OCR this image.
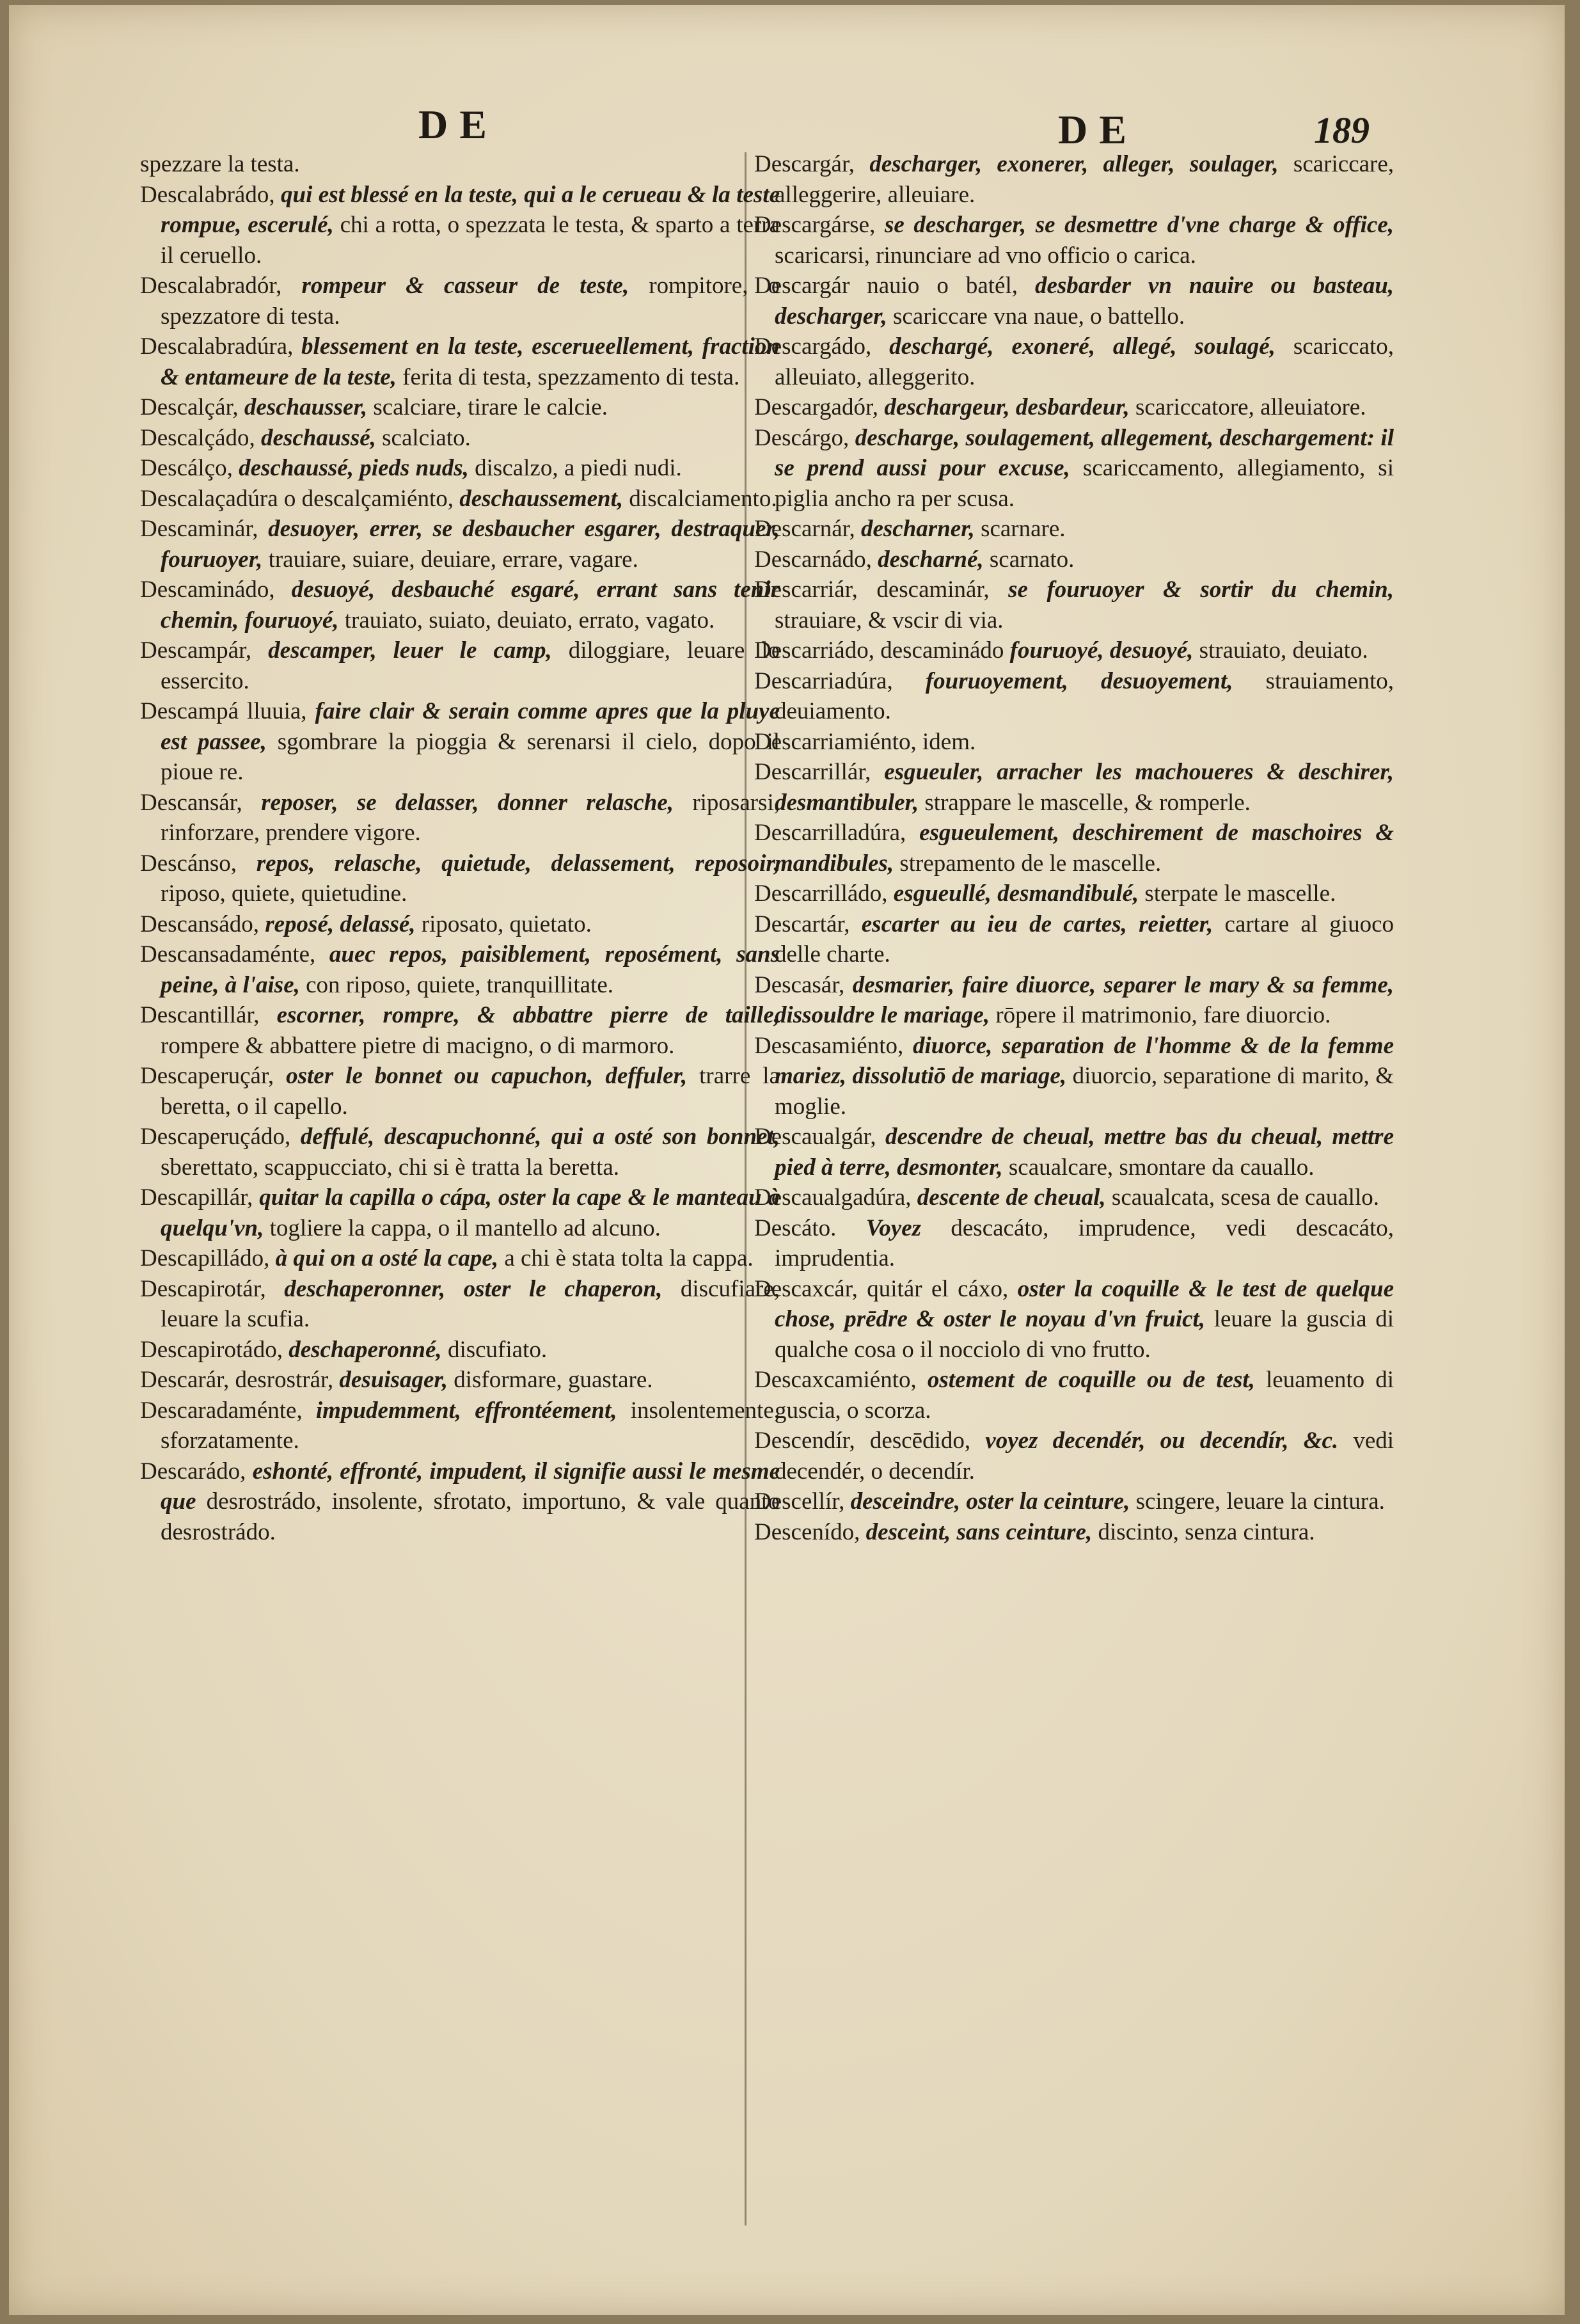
DE	DE	189

spezzare la testa.

Descalabrádo, qui est blessé en la teste, qui a le cerueau & la teste rompue, escerulé, chi a rotta, o spezzata le testa, & sparto a terra il ceruello.

Descalabradór, rompeur & casseur de teste, rompitore, o spezzatore di testa.

Descalabradúra, blessement en la teste, escerueellement, fraction & entameure de la teste, ferita di testa, spezzamento di testa.

Descalçár, deschausser, scalciare, tirare le calcie.

Descalçádo, deschaussé, scalciato.

Descálço, deschaussé, pieds nuds, discalzo, a piedi nudi.

Descalaçadúra o descalçamiénto, deschaussement, discalciamento.

Descaminár, desuoyer, errer, se desbaucher esgarer, destraquer, fouruoyer, trauiare, suiare, deuiare, errare, vagare.

Descaminádo, desuoyé, desbauché esgaré, errant sans tenir chemin, fouruoyé, trauiato, suiato, deuiato, errato, vagato.

Descampár, descamper, leuer le camp, diloggiare, leuare lo essercito.

Descampá lluuia, faire clair & serain comme apres que la pluye est passee, sgombrare la pioggia & serenarsi il cielo, dopo il pioue re.

Descansár, reposer, se delasser, donner relasche, riposarsi, rinforzare, prendere vigore.

Descánso, repos, relasche, quietude, delassement, reposoir, riposo, quiete, quietudine.

Descansádo, reposé, delassé, riposato, quietato.

Descansadaménte, auec repos, paisiblement, reposément, sans peine, à l'aise, con riposo, quiete, tranquillitate.

Descantillár, escorner, rompre, & abbattre pierre de taille, rompere & abbattere pietre di macigno, o di marmoro.

Descaperuçár, oster le bonnet ou capuchon, deffuler, trarre la beretta, o il capello.

Descaperuçádo, deffulé, descapuchonné, qui a osté son bonnet, sberettato, scappucciato, chi si è tratta la beretta.

Descapillár, quitar la capilla o cápa, oster la cape & le manteau à quelqu'vn, togliere la cappa, o il mantello ad alcuno.

Descapilládo, à qui on a osté la cape, a chi è stata tolta la cappa.

Descapirotár, deschaperonner, oster le chaperon, discufiare, leuare la scufia.

Descapirotádo, deschaperonné, discufiato.

Descarár, desrostrár, desuisager, disformare, guastare.

Descaradaménte, impudemment, effrontéement, insolentemente, sforzatamente.

Descarádo, eshonté, effronté, impudent, il signifie aussi le mesme que desrostrádo, insolente, sfrotato, importuno, & vale quanto desrostrádo.

Descargár, descharger, exonerer, alleger, soulager, scariccare, alleggerire, alleuiare.

Descargárse, se descharger, se desmettre d'vne charge & office, scaricarsi, rinunciare ad vno officio o carica.

Descargár nauio o batél, desbarder vn nauire ou basteau, descharger, scariccare vna naue, o battello.

Descargádo, deschargé, exoneré, allegé, soulagé, scariccato, alleuiato, alleggerito.

Descargadór, deschargeur, desbardeur, scariccatore, alleuiatore.

Descárgo, descharge, soulagement, allegement, deschargement: il se prend aussi pour excuse, scariccamento, allegiamento, si piglia ancho ra per scusa.

Descarnár, descharner, scarnare.

Descarnádo, descharné, scarnato.

Descarriár, descaminár, se fouruoyer & sortir du chemin, strauiare, & vscir di via.

Descarriádo, descaminádo fouruoyé, desuoyé, strauiato, deuiato.

Descarriadúra, fouruoyement, desuoyement, strauiamento, deuiamento.

Descarriamiénto, idem.

Descarrillár, esgueuler, arracher les machoueres & deschirer, desmantibuler, strappare le mascelle, & romperle.

Descarrilladúra, esgueulement, deschirement de maschoires & mandibules, strepamento de le mascelle.

Descarrilládo, esgueullé, desmandibulé, sterpate le mascelle.

Descartár, escarter au ieu de cartes, reietter, cartare al giuoco delle charte.

Descasár, desmarier, faire diuorce, separer le mary & sa femme, dissouldre le mariage, rōpere il matrimonio, fare diuorcio.

Descasamiénto, diuorce, separation de l'homme & de la femme mariez, dissolutiō de mariage, diuorcio, separatione di marito, & moglie.

Descaualgár, descendre de cheual, mettre bas du cheual, mettre pied à terre, desmonter, scaualcare, smontare da cauallo.

Descaualgadúra, descente de cheual, scaualcata, scesa de cauallo.

Descáto. Voyez descacáto, imprudence, vedi descacáto, imprudentia.

Descaxcár, quitár el cáxo, oster la coquille & le test de quelque chose, prēdre & oster le noyau d'vn fruict, leuare la guscia di qualche cosa o il nocciolo di vno frutto.

Descaxcamiénto, ostement de coquille ou de test, leuamento di guscia, o scorza.

Descendír, descēdido, voyez decendér, ou decendír, &c. vedi decendér, o decendír.

Descellír, desceindre, oster la ceinture, scingere, leuare la cintura.

Descenído, desceint, sans ceinture, discinto, senza cintura.
